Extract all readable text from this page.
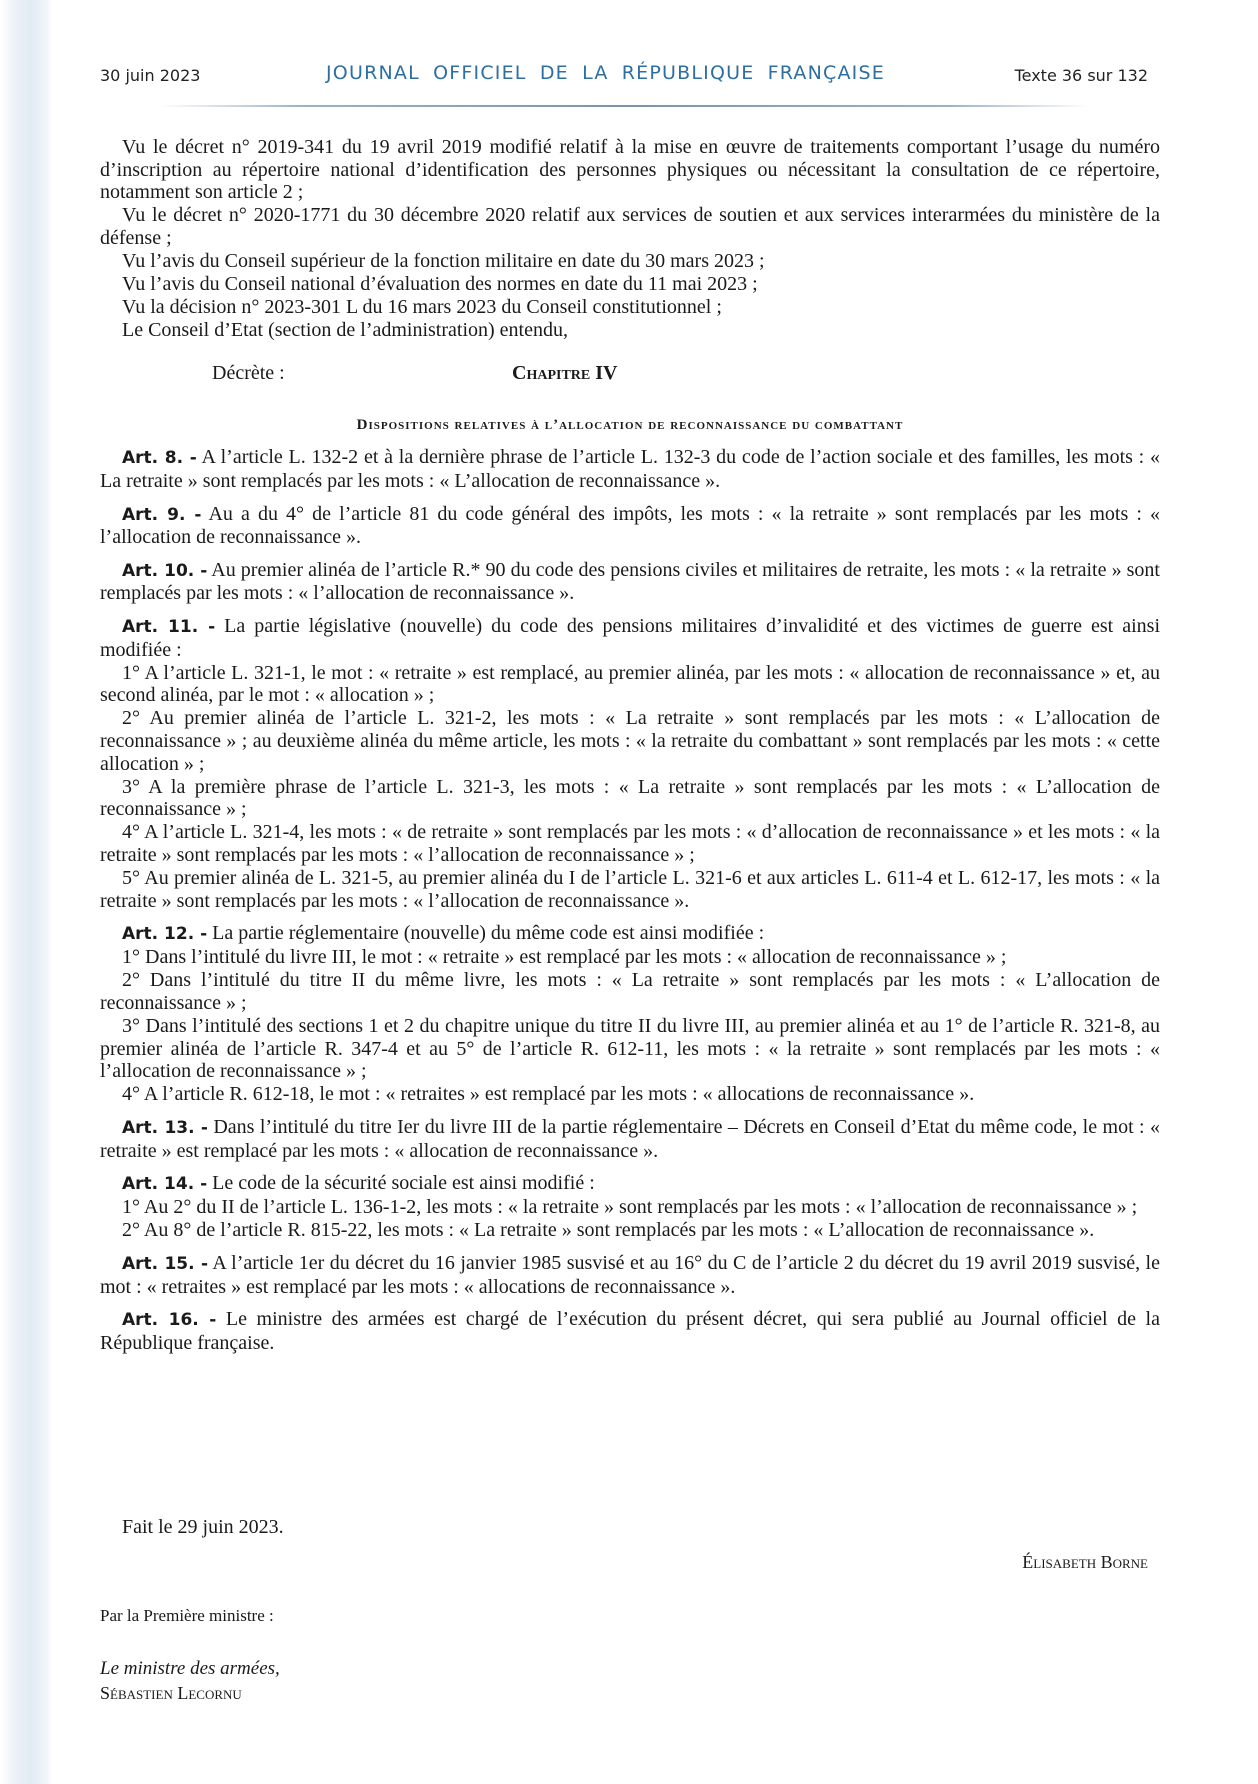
30 juin 2023	JOURNAL OFFICIEL DE LA RÉPUBLIQUE FRANÇAISE	Texte 36 sur 132

Vu le décret n° 2019-341 du 19 avril 2019 modifié relatif à la mise en œuvre de traitements comportant l’usage du numéro d’inscription au répertoire national d’identification des personnes physiques ou nécessitant la consultation de ce répertoire, notamment son article 2 ;

Vu le décret n° 2020-1771 du 30 décembre 2020 relatif aux services de soutien et aux services interarmées du ministère de la défense ;

Vu l’avis du Conseil supérieur de la fonction militaire en date du 30 mars 2023 ;

Vu l’avis du Conseil national d’évaluation des normes en date du 11 mai 2023 ;

Vu la décision n° 2023-301 L du 16 mars 2023 du Conseil constitutionnel ;

Le Conseil d’Etat (section de l’administration) entendu,

Décrète :	Chapitre IV
Dispositions relatives à l’allocation de reconnaissance du combattant

Art. 8. - A l’article L. 132-2 et à la dernière phrase de l’article L. 132-3 du code de l’action sociale et des familles, les mots : « La retraite » sont remplacés par les mots : « L’allocation de reconnaissance ».

Art. 9. - Au a du 4° de l’article 81 du code général des impôts, les mots : « la retraite » sont remplacés par les mots : « l’allocation de reconnaissance ».

Art. 10. - Au premier alinéa de l’article R.* 90 du code des pensions civiles et militaires de retraite, les mots : « la retraite » sont remplacés par les mots : « l’allocation de reconnaissance ».

Art. 11. - La partie législative (nouvelle) du code des pensions militaires d’invalidité et des victimes de guerre est ainsi modifiée :

1° A l’article L. 321-1, le mot : « retraite » est remplacé, au premier alinéa, par les mots : « allocation de reconnaissance » et, au second alinéa, par le mot : « allocation » ;

2° Au premier alinéa de l’article L. 321-2, les mots : « La retraite » sont remplacés par les mots : « L’allocation de reconnaissance » ; au deuxième alinéa du même article, les mots : « la retraite du combattant » sont remplacés par les mots : « cette allocation » ;

3° A la première phrase de l’article L. 321-3, les mots : « La retraite » sont remplacés par les mots : « L’allocation de reconnaissance » ;

4° A l’article L. 321-4, les mots : « de retraite » sont remplacés par les mots : « d’allocation de reconnaissance » et les mots : « la retraite » sont remplacés par les mots : « l’allocation de reconnaissance » ;

5° Au premier alinéa de L. 321-5, au premier alinéa du I de l’article L. 321-6 et aux articles L. 611-4 et L. 612-17, les mots : « la retraite » sont remplacés par les mots : « l’allocation de reconnaissance ».

Art. 12. - La partie réglementaire (nouvelle) du même code est ainsi modifiée :

1° Dans l’intitulé du livre III, le mot : « retraite » est remplacé par les mots : « allocation de reconnaissance » ;

2° Dans l’intitulé du titre II du même livre, les mots : « La retraite » sont remplacés par les mots : « L’allocation de reconnaissance » ;

3° Dans l’intitulé des sections 1 et 2 du chapitre unique du titre II du livre III, au premier alinéa et au 1° de l’article R. 321-8, au premier alinéa de l’article R. 347-4 et au 5° de l’article R. 612-11, les mots : « la retraite » sont remplacés par les mots : « l’allocation de reconnaissance » ;

4° A l’article R. 612-18, le mot : « retraites » est remplacé par les mots : « allocations de reconnaissance ».

Art. 13. - Dans l’intitulé du titre Ier du livre III de la partie réglementaire – Décrets en Conseil d’Etat du même code, le mot : « retraite » est remplacé par les mots : « allocation de reconnaissance ».

Art. 14. - Le code de la sécurité sociale est ainsi modifié :

1° Au 2° du II de l’article L. 136-1-2, les mots : « la retraite » sont remplacés par les mots : « l’allocation de reconnaissance » ;

2° Au 8° de l’article R. 815-22, les mots : « La retraite » sont remplacés par les mots : « L’allocation de reconnaissance ».

Art. 15. - A l’article 1er du décret du 16 janvier 1985 susvisé et au 16° du C de l’article 2 du décret du 19 avril 2019 susvisé, le mot : « retraites » est remplacé par les mots : « allocations de reconnaissance ».

Art. 16. - Le ministre des armées est chargé de l’exécution du présent décret, qui sera publié au Journal officiel de la République française.

Fait le 29 juin 2023.
Élisabeth Borne
Par la Première ministre :
Le ministre des armées,
Sébastien Lecornu
